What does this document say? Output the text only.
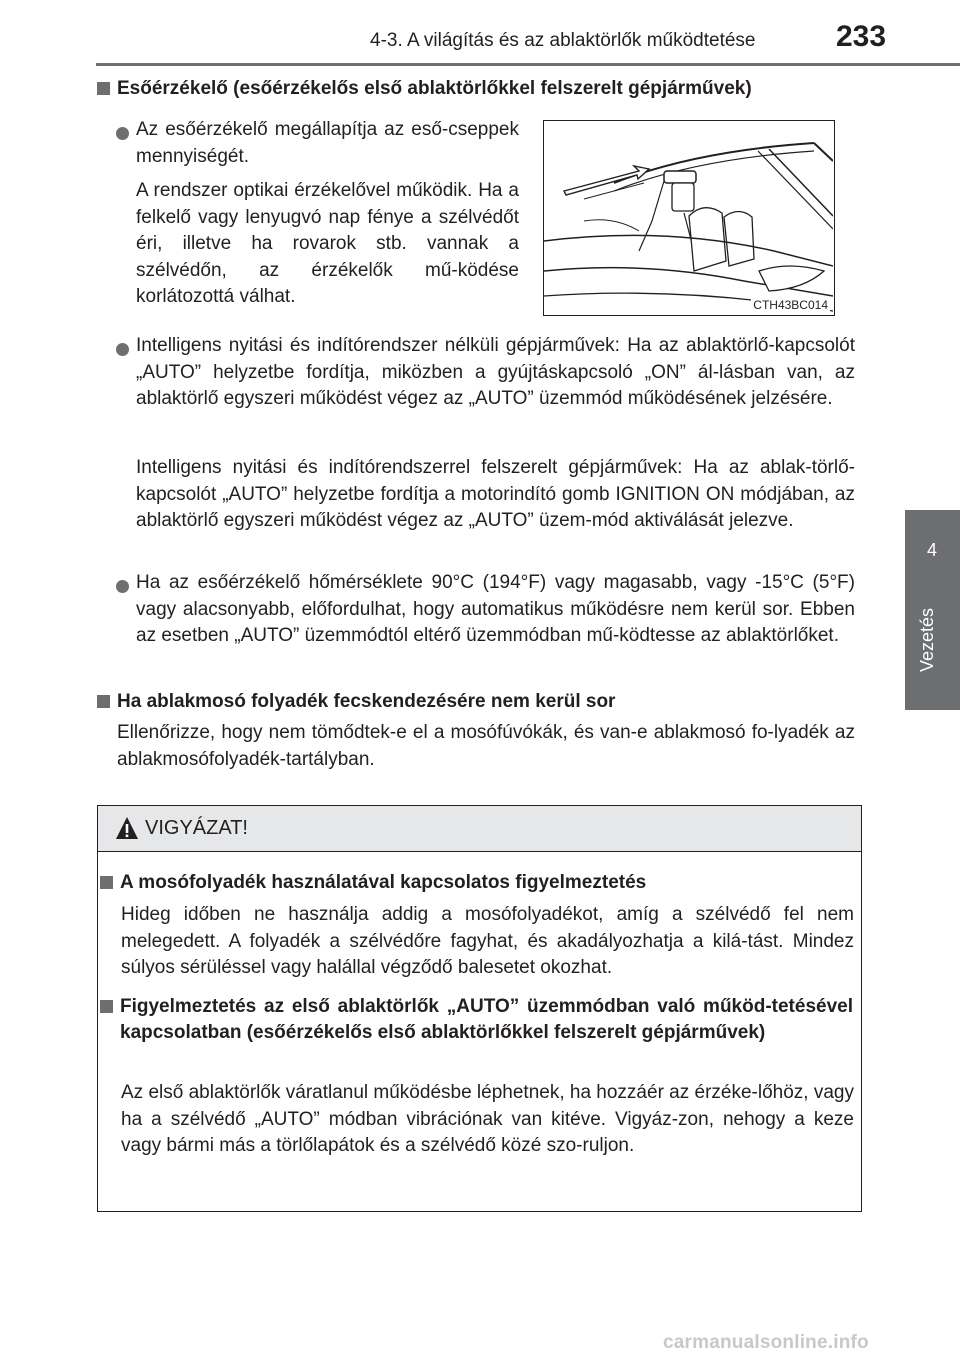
4-3. A világítás és az ablaktörlők működtetése	233
4
Vezetés
Esőérzékelő (esőérzékelős első ablaktörlőkkel felszerelt gépjárművek)

Az esőérzékelő megállapítja az eső-cseppek mennyiségét.

A rendszer optikai érzékelővel működik. Ha a felkelő vagy lenyugvó nap fénye a szélvédőt éri, illetve ha rovarok stb. vannak a szélvédőn, az érzékelők mű-ködése korlátozottá válhat.	CTH43BC014

Intelligens nyitási és indítórendszer nélküli gépjárművek: Ha az ablaktörlő-kapcsolót „AUTO” helyzetbe fordítja, miközben a gyújtáskapcsoló „ON” ál-lásban van, az ablaktörlő egyszeri működést végez az „AUTO” üzemmód működésének jelzésére.

Intelligens nyitási és indítórendszerrel felszerelt gépjárművek: Ha az ablak-törlő-kapcsolót „AUTO” helyzetbe fordítja a motorindító gomb IGNITION ON módjában, az ablaktörlő egyszeri működést végez az „AUTO” üzem-mód aktiválását jelezve.

Ha az esőérzékelő hőmérséklete 90°C (194°F) vagy magasabb, vagy -15°C (5°F) vagy alacsonyabb, előfordulhat, hogy automatikus működésre nem kerül sor. Ebben az esetben „AUTO” üzemmódtól eltérő üzemmódban mű-ködtesse az ablaktörlőket.

Ha ablakmosó folyadék fecskendezésére nem kerül sor

Ellenőrizze, hogy nem tömődtek-e el a mosófúvókák, és van-e ablakmosó fo-lyadék az ablakmosófolyadék-tartályban.

VIGYÁZAT!
A mosófolyadék használatával kapcsolatos figyelmeztetés

Hideg időben ne használja addig a mosófolyadékot, amíg a szélvédő fel nem melegedett. A folyadék a szélvédőre fagyhat, és akadályozhatja a kilá-tást. Mindez súlyos sérüléssel vagy halállal végződő balesetet okozhat.

Figyelmeztetés az első ablaktörlők „AUTO” üzemmódban való működ-tetésével kapcsolatban (esőérzékelős első ablaktörlőkkel felszerelt gépjárművek)

Az első ablaktörlők váratlanul működésbe léphetnek, ha hozzáér az érzéke-lőhöz, vagy ha a szélvédő „AUTO” módban vibrációnak van kitéve. Vigyáz-zon, nehogy a keze vagy bármi más a törlőlapátok és a szélvédő közé szo-ruljon.

carmanualsonline.info
